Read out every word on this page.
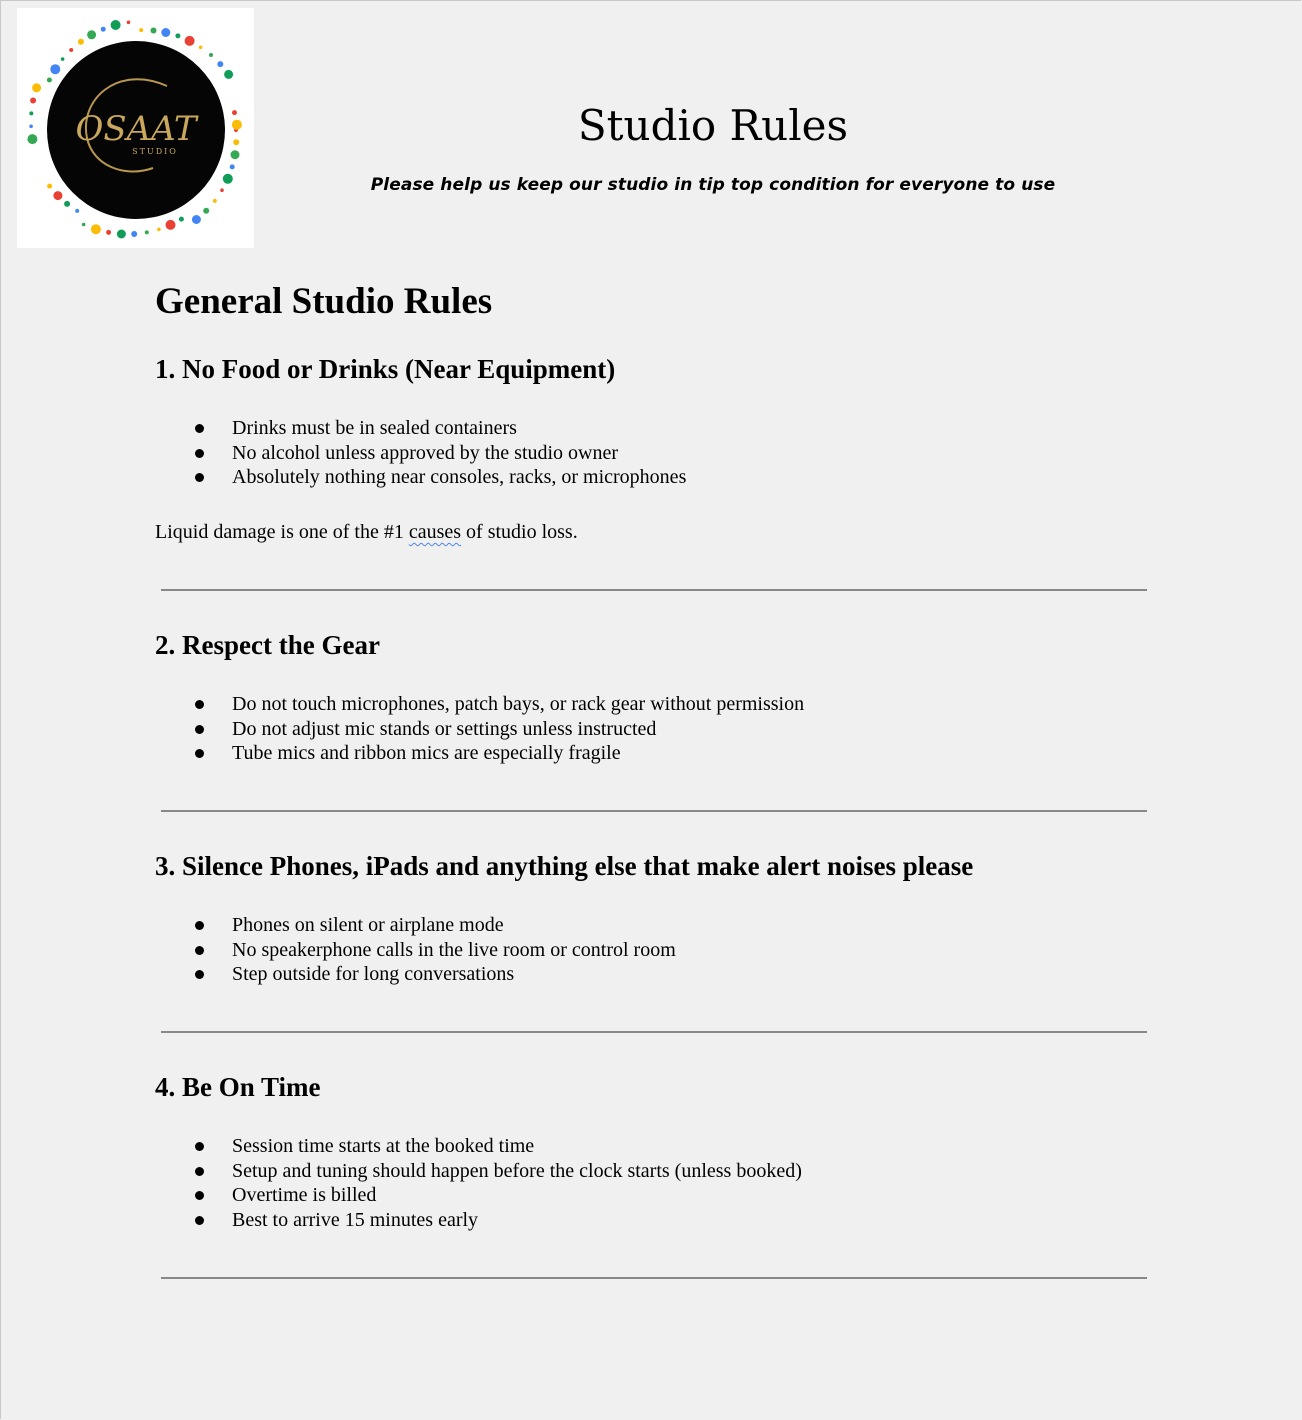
OSAAT
STUDIO
Studio Rules
Please help us keep our studio in tip top condition for everyone to use
General Studio Rules
1. No Food or Drinks (Near Equipment)
Drinks must be in sealed containers
No alcohol unless approved by the studio owner
Absolutely nothing near consoles, racks, or microphones

Liquid damage is one of the #1 causes of studio loss.

2. Respect the Gear
Do not touch microphones, patch bays, or rack gear without permission
Do not adjust mic stands or settings unless instructed
Tube mics and ribbon mics are especially fragile
3. Silence Phones, iPads and anything else that make alert noises please
Phones on silent or airplane mode
No speakerphone calls in the live room or control room
Step outside for long conversations
4. Be On Time
Session time starts at the booked time
Setup and tuning should happen before the clock starts (unless booked)
Overtime is billed
Best to arrive 15 minutes early
